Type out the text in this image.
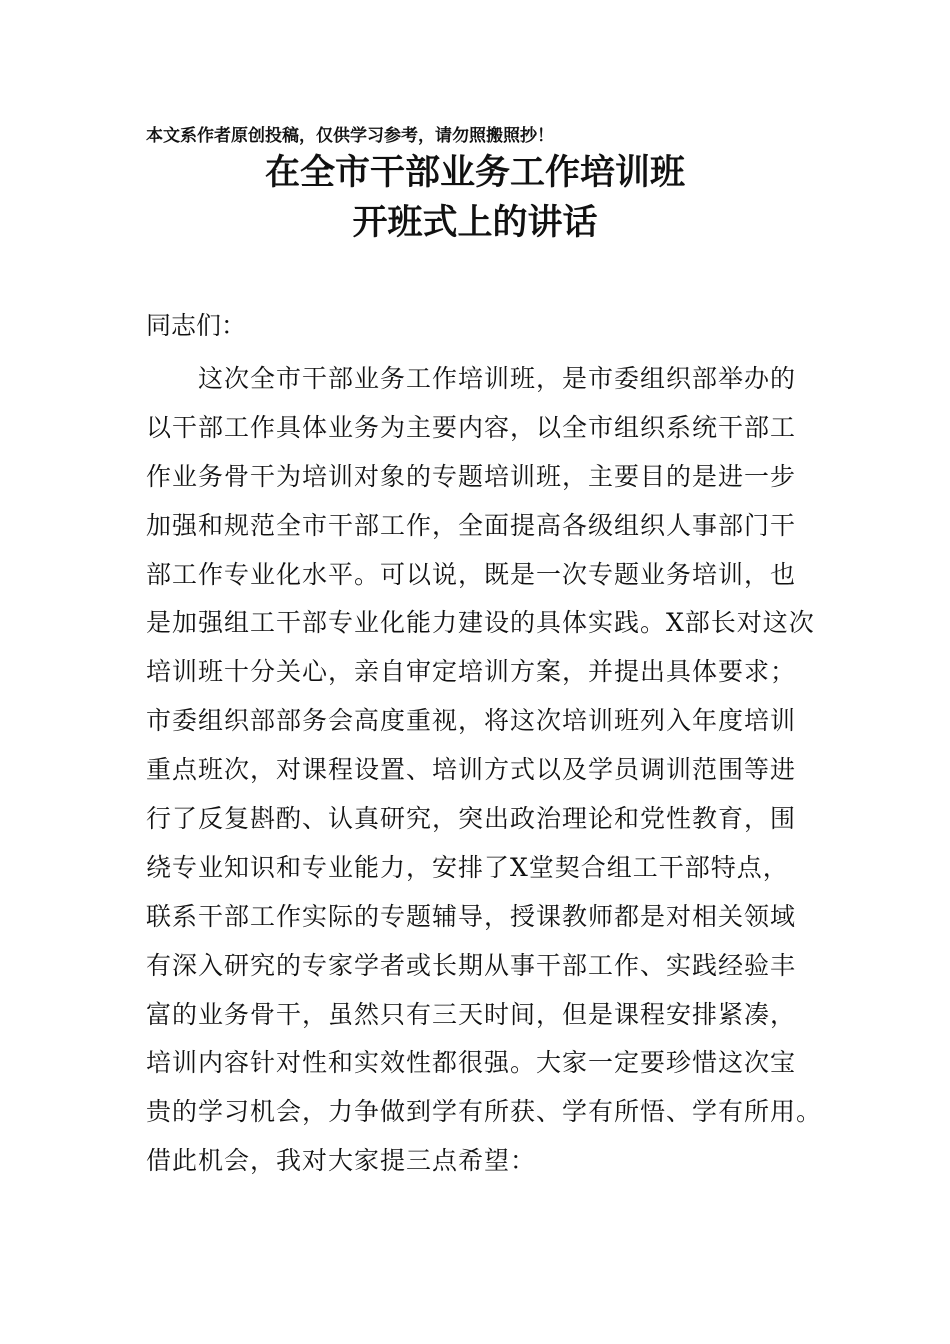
本文系作者原创投稿，仅供学习参考，请勿照搬照抄！
在全市干部业务工作培训班
开班式上的讲话
同志们：
这次全市干部业务工作培训班，是市委组织部举办的
以干部工作具体业务为主要内容，以全市组织系统干部工
作业务骨干为培训对象的专题培训班，主要目的是进一步
加强和规范全市干部工作，全面提高各级组织人事部门干
部工作专业化水平。可以说，既是一次专题业务培训，也
是加强组工干部专业化能力建设的具体实践。X部长对这次
培训班十分关心，亲自审定培训方案，并提出具体要求；
市委组织部部务会高度重视，将这次培训班列入年度培训
重点班次，对课程设置、培训方式以及学员调训范围等进
行了反复斟酌、认真研究，突出政治理论和党性教育，围
绕专业知识和专业能力，安排了X堂契合组工干部特点，
联系干部工作实际的专题辅导，授课教师都是对相关领域
有深入研究的专家学者或长期从事干部工作、实践经验丰
富的业务骨干，虽然只有三天时间，但是课程安排紧凑，
培训内容针对性和实效性都很强。大家一定要珍惜这次宝
贵的学习机会，力争做到学有所获、学有所悟、学有所用。
借此机会，我对大家提三点希望：
